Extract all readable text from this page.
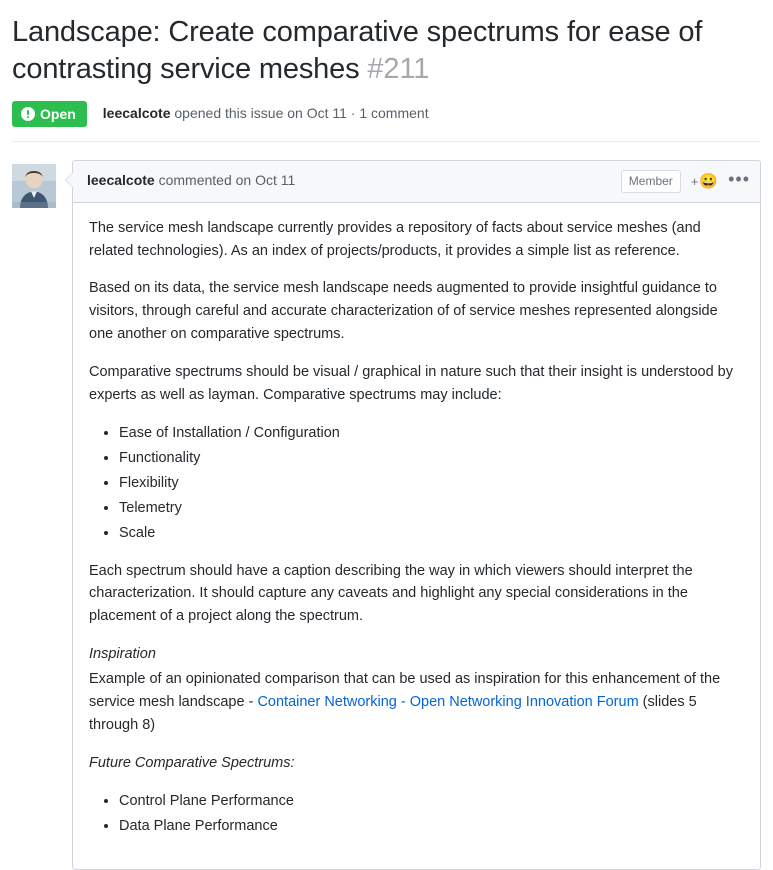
Landscape: Create comparative spectrums for ease of contrasting service meshes #211
Open leecalcote opened this issue on Oct 11 · 1 comment
leecalcote commented on Oct 11	Member	+ 😀 •••

The service mesh landscape currently provides a repository of facts about service meshes (and related technologies). As an index of projects/products, it provides a simple list as reference.

Based on its data, the service mesh landscape needs augmented to provide insightful guidance to visitors, through careful and accurate characterization of of service meshes represented alongside one another on comparative spectrums.

Comparative spectrums should be visual / graphical in nature such that their insight is understood by experts as well as layman. Comparative spectrums may include:

• Ease of Installation / Configuration
• Functionality
• Flexibility
• Telemetry
• Scale

Each spectrum should have a caption describing the way in which viewers should interpret the characterization. It should capture any caveats and highlight any special considerations in the placement of a project along the spectrum.

Inspiration

Example of an opinionated comparison that can be used as inspiration for this enhancement of the service mesh landscape - Container Networking - Open Networking Innovation Forum (slides 5 through 8)

Future Comparative Spectrums:

• Control Plane Performance
• Data Plane Performance
